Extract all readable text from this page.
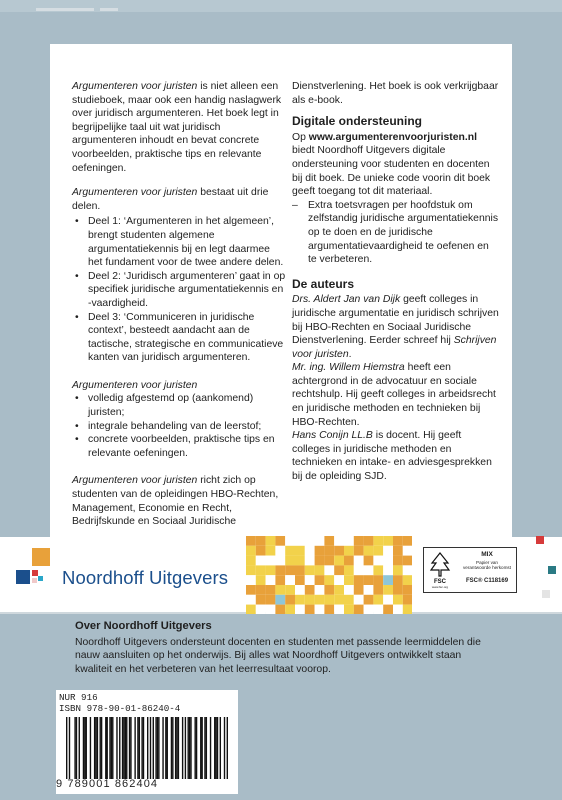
Argumenteren voor juristen is niet alleen een studieboek, maar ook een handig naslagwerk over juridisch argumenteren. Het boek legt in begrijpelijke taal uit wat juridisch argumenteren inhoudt en bevat concrete voorbeelden, praktische tips en relevante oefeningen.

Argumenteren voor juristen bestaat uit drie delen.

• Deel 1: ‘Argumenteren in het algemeen’, brengt studenten algemene argumentatiekennis bij en legt daarmee het fundament voor de twee andere delen.
• Deel 2: ‘Juridisch argumenteren’ gaat in op specifiek juridische argumentatiekennis en -vaardigheid.
• Deel 3: ‘Communiceren in juridische context’, besteedt aandacht aan de tactische, strategische en communicatieve kanten van juridisch argumenteren.

Argumenteren voor juristen

• volledig afgestemd op (aankomend) juristen;
• integrale behandeling van de leerstof;
• concrete voorbeelden, praktische tips en relevante oefeningen.

Argumenteren voor juristen richt zich op studenten van de opleidingen HBO-Rechten, Management, Economie en Recht, Bedrijfskunde en Sociaal Juridische

Dienstverlening. Het boek is ook verkrijgbaar als e-book.

Digitale ondersteuning

Op www.argumenterenvoorjuristen.nl biedt Noordhoff Uitgevers digitale ondersteuning voor studenten en docenten bij dit boek. De unieke code voorin dit boek geeft toegang tot dit materiaal.

– Extra toetsvragen per hoofdstuk om zelfstandig juridische argumentatiekennis op te doen en de juridische argumentatievaardigheid te oefenen en te verbeteren.
De auteurs

Drs. Aldert Jan van Dijk geeft colleges in juridische argumentatie en juridisch schrijven bij HBO-Rechten en Sociaal Juridische Dienstverlening. Eerder schreef hij Schrijven voor juristen.

Mr. ing. Willem Hiemstra heeft een achtergrond in de advocatuur en sociale rechtshulp. Hij geeft colleges in arbeidsrecht en juridische methoden en technieken bij HBO-Rechten.

Hans Conijn LL.B is docent. Hij geeft colleges in juridische methoden en technieken en intake- en adviesgesprekken bij de opleiding SJD.

Noordhoff Uitgevers	FSC
www.fsc.org
MIX
Papier van
verantwoorde herkomst
FSC® C118169
Over Noordhoff Uitgevers

Noordhoff Uitgevers ondersteunt docenten en studenten met passende leermiddelen die nauw aansluiten op het onderwijs. Bij alles wat Noordhoff Uitgevers ontwikkelt staan kwaliteit en het verbeteren van het leerresultaat voorop.

NUR 916
ISBN 978-90-01-86240-4
9 789001 862404
